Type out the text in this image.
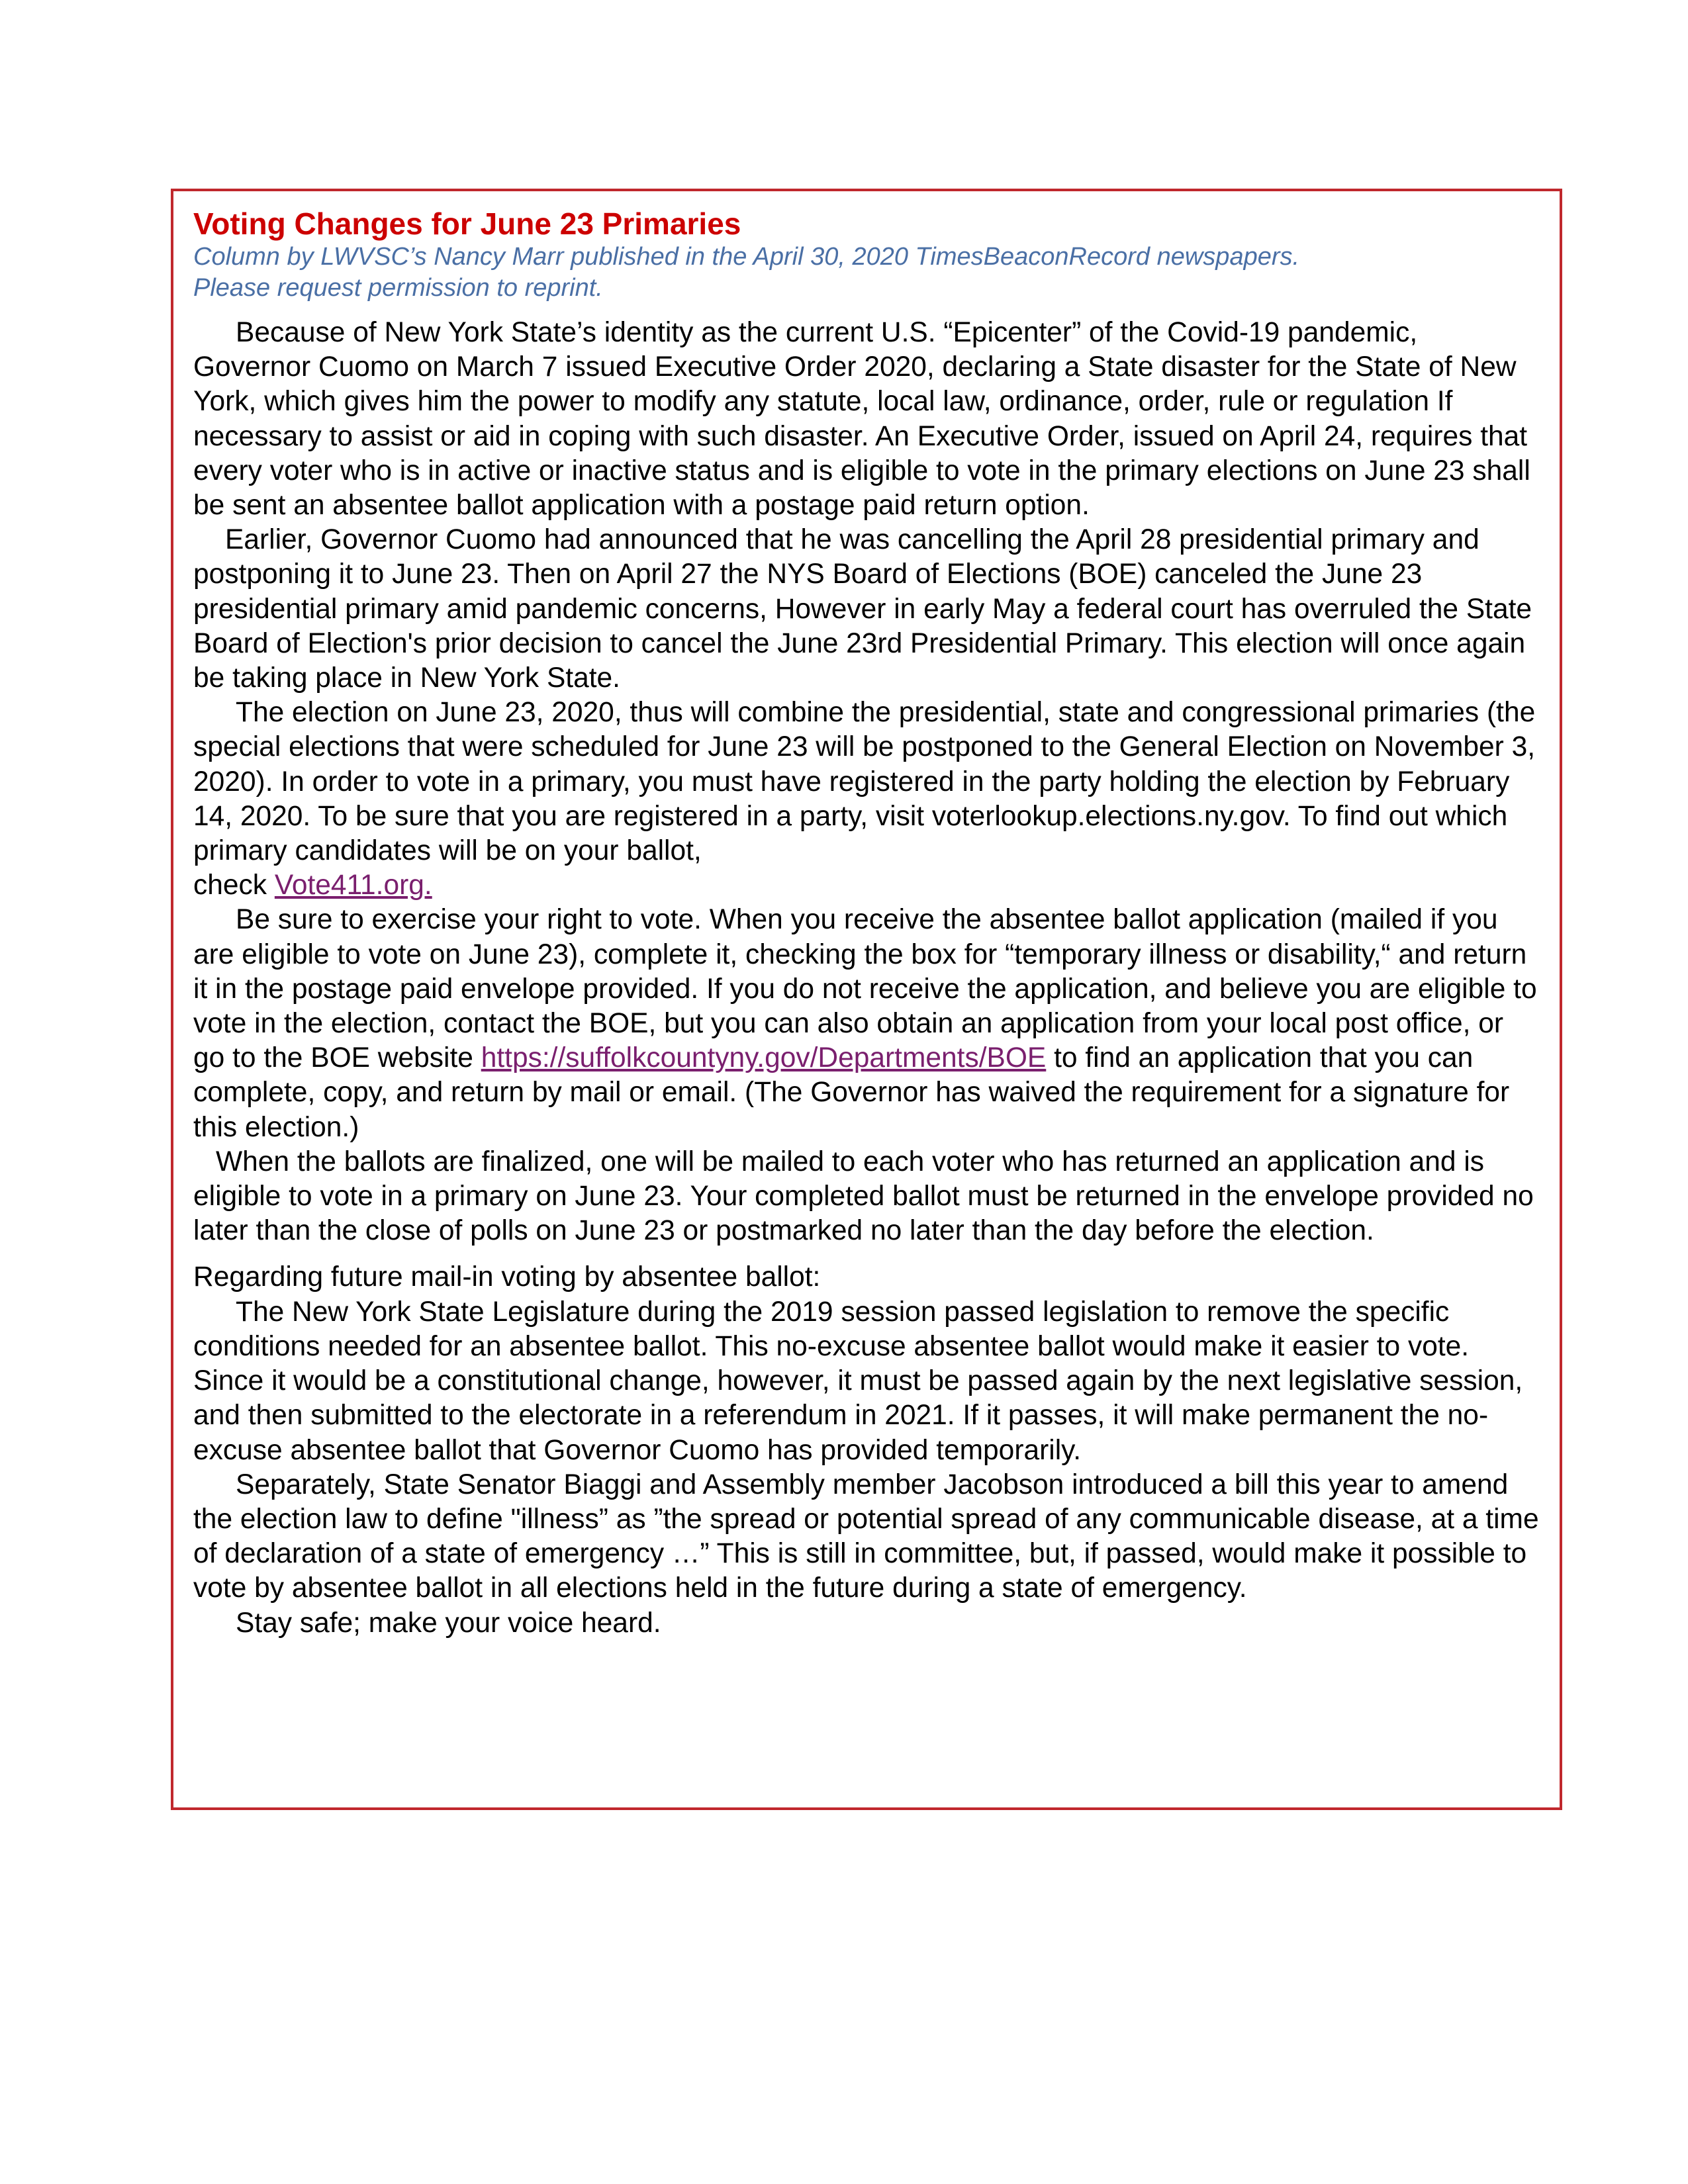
Voting Changes for June 23 Primaries
Column by LWVSC’s Nancy Marr published in the April 30, 2020 TimesBeaconRecord newspapers.
Please request permission to reprint.

Because of New York State’s identity as the current U.S. “Epicenter” of the Covid-19 pandemic, Governor Cuomo on March 7 issued Executive Order 2020, declaring a State disaster for the State of New York, which gives him the power to modify any statute, local law, ordinance, order, rule or regulation If necessary to assist or aid in coping with such disaster. An Executive Order, issued on April 24, requires that every voter who is in active or inactive status and is eligible to vote in the primary elections on June 23 shall be sent an absentee ballot application with a postage paid return option.

Earlier, Governor Cuomo had announced that he was cancelling the April 28 presidential primary and postponing it to June 23. Then on April 27 the NYS Board of Elections (BOE) canceled the June 23 presidential primary amid pandemic concerns, However in early May a federal court has overruled the State Board of Election's prior decision to cancel the June 23rd Presidential Primary. This election will once again be taking place in New York State.

The election on June 23, 2020, thus will combine the presidential, state and congressional primaries (the special elections that were scheduled for June 23 will be postponed to the General Election on November 3, 2020). In order to vote in a primary, you must have registered in the party holding the election by February 14, 2020. To be sure that you are registered in a party, visit voterlookup.elections.ny.gov. To find out which primary candidates will be on your ballot,
check Vote411.org.

Be sure to exercise your right to vote. When you receive the absentee ballot application (mailed if you are eligible to vote on June 23), complete it, checking the box for “temporary illness or disability,“ and return it in the postage paid envelope provided. If you do not receive the application, and believe you are eligible to vote in the election, contact the BOE, but you can also obtain an application from your local post office, or go to the BOE website https://suffolkcountyny.gov/Departments/BOE to find an application that you can complete, copy, and return by mail or email. (The Governor has waived the requirement for a signature for this election.)

When the ballots are finalized, one will be mailed to each voter who has returned an application and is eligible to vote in a primary on June 23. Your completed ballot must be returned in the envelope provided no later than the close of polls on June 23 or postmarked no later than the day before the election.

Regarding future mail-in voting by absentee ballot:

The New York State Legislature during the 2019 session passed legislation to remove the specific conditions needed for an absentee ballot. This no-excuse absentee ballot would make it easier to vote. Since it would be a constitutional change, however, it must be passed again by the next legislative session, and then submitted to the electorate in a referendum in 2021. If it passes, it will make permanent the no-excuse absentee ballot that Governor Cuomo has provided temporarily.

Separately, State Senator Biaggi and Assembly member Jacobson introduced a bill this year to amend the election law to define "illness” as ”the spread or potential spread of any communicable disease, at a time of declaration of a state of emergency …” This is still in committee, but, if passed, would make it possible to vote by absentee ballot in all elections held in the future during a state of emergency.

Stay safe; make your voice heard.
